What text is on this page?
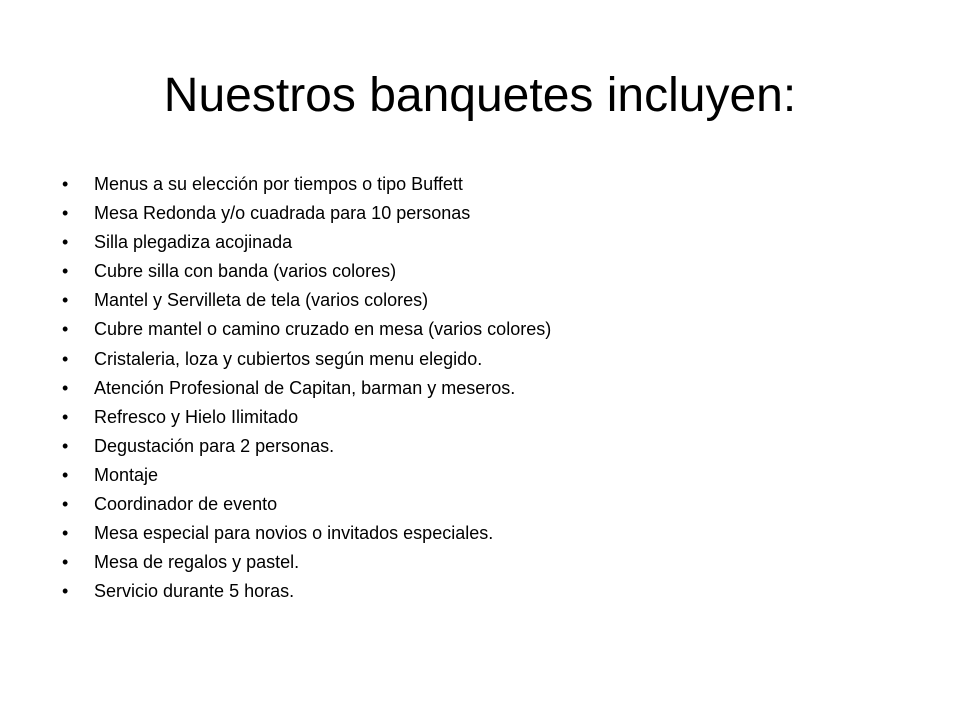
Nuestros banquetes incluyen:
•	Menus a su elección por tiempos o tipo Buffett
•	Mesa Redonda y/o cuadrada para 10 personas
•	Silla plegadiza acojinada
•	Cubre silla con banda (varios colores)
•	Mantel y Servilleta de tela (varios colores)
•	Cubre mantel o camino cruzado en mesa (varios colores)
•	Cristaleria, loza y cubiertos según menu elegido.
•	Atención Profesional de Capitan, barman y meseros.
•	Refresco y Hielo Ilimitado
•	Degustación para 2 personas.
•	Montaje
•	Coordinador de evento
•	Mesa especial para novios o invitados especiales.
•	Mesa de regalos y pastel.
•	Servicio durante 5 horas.
